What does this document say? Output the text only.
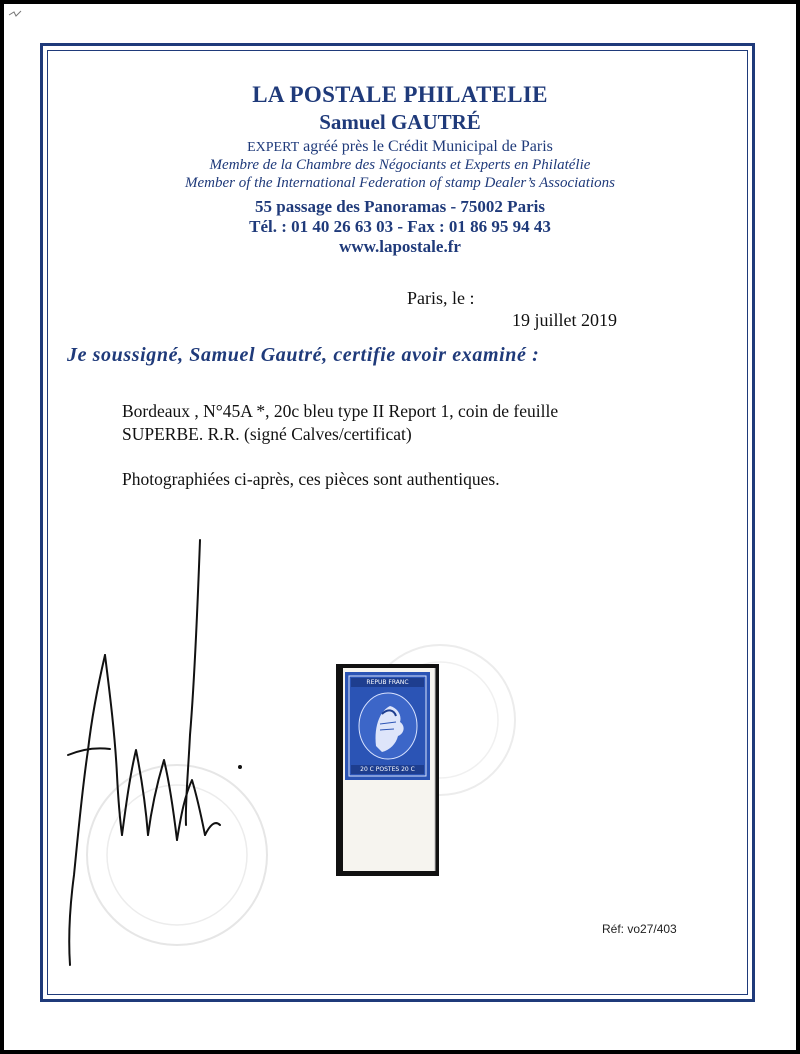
LA POSTALE PHILATELIE
Samuel GAUTRÉ
EXPERT agréé près le Crédit Municipal de Paris
Membre de la Chambre des Négociants et Experts en Philatélie
Member of the International Federation of stamp Dealer’s Associations
55 passage des Panoramas - 75002 Paris
Tél. : 01 40 26 63 03 - Fax : 01 86 95 94 43
www.lapostale.fr
Paris, le :
19 juillet 2019
Je soussigné, Samuel Gautré, certifie avoir examiné :
Bordeaux , N°45A *, 20c bleu type II Report 1, coin de feuille
SUPERBE. R.R. (signé Calves/certificat)
Photographiées ci-après, ces pièces sont authentiques.
REPUB FRANC
20 C POSTES 20 C
Réf: vo27/403
